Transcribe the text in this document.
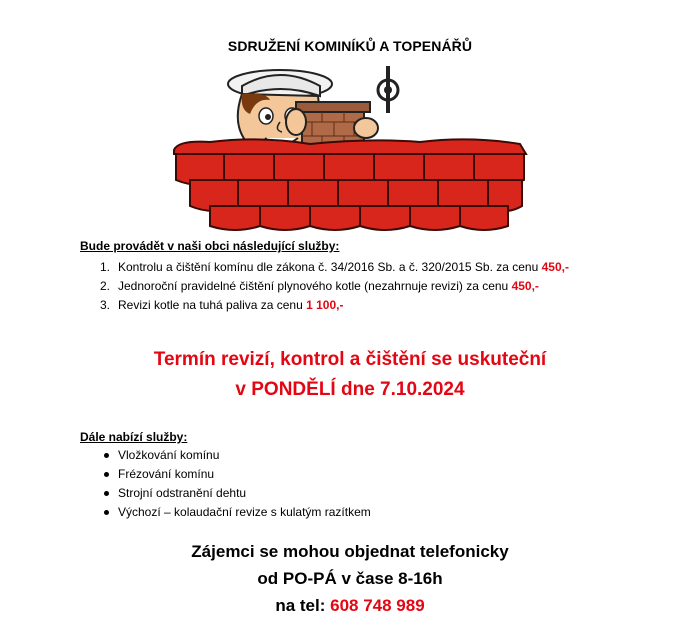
SDRUŽENÍ KOMINÍKŮ A TOPENÁŘŮ
Bude provádět v naši obci následující služby:
1. Kontrolu a čištění komínu dle zákona č. 34/2016 Sb. a č. 320/2015 Sb. za cenu 450,-
2. Jednoroční pravidelné čištění plynového kotle (nezahrnuje revizi) za cenu 450,-
3. Revizi kotle na tuhá paliva za cenu 1 100,-
Termín revizí, kontrol a čištění se uskuteční
v PONDĚLÍ dne 7.10.2024
Dále nabízí služby:
Vložkování komínu
Frézování komínu
Strojní odstranění dehtu
Výchozí – kolaudační revize s kulatým razítkem
Zájemci se mohou objednat telefonicky
od PO-PÁ v čase 8-16h
na tel: 608 748 989
